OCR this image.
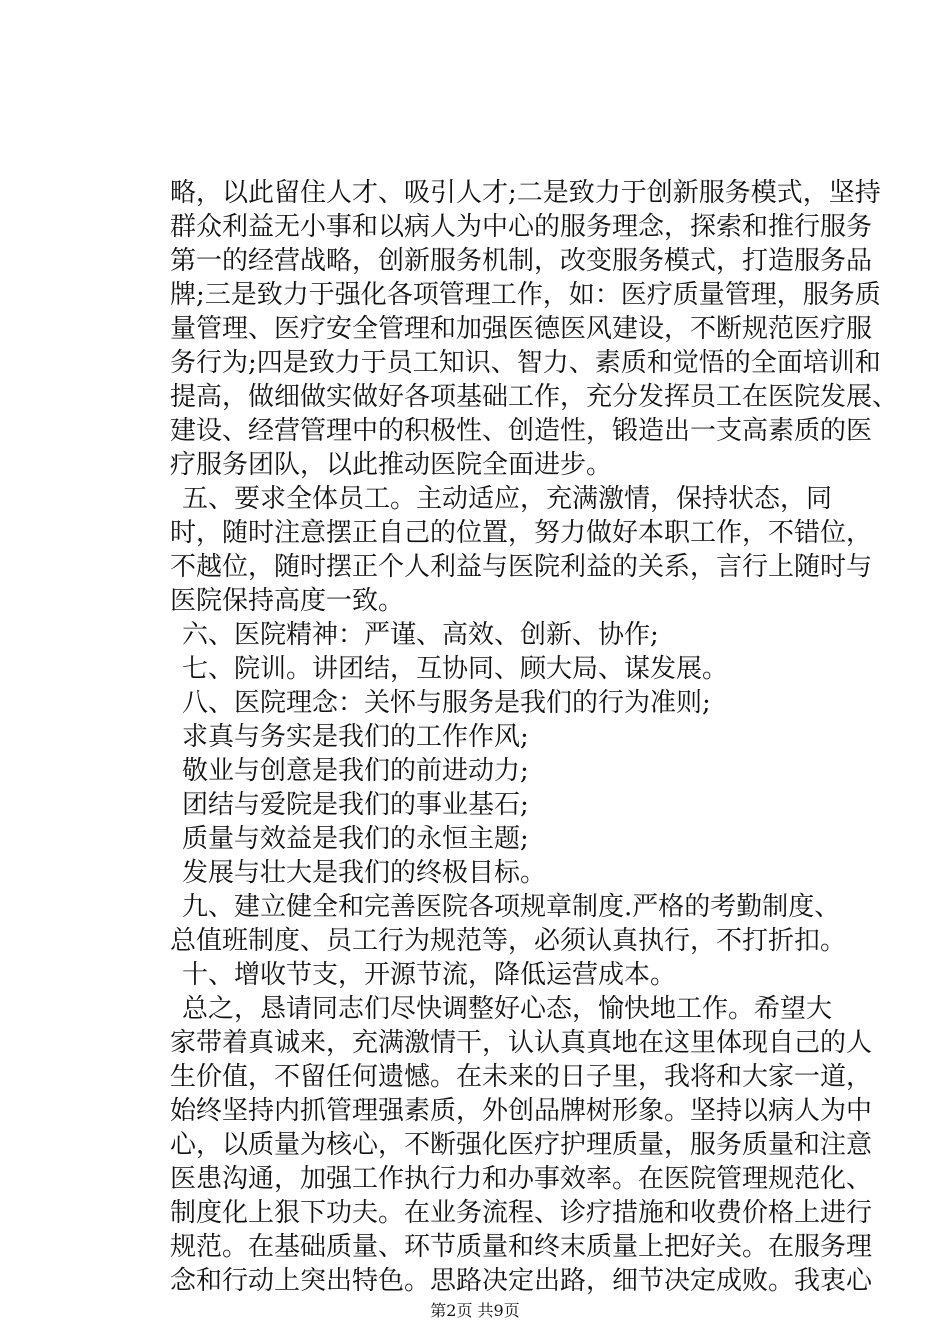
略，以此留住人才、吸引人才;二是致力于创新服务模式，坚持
群众利益无小事和以病人为中心的服务理念，探索和推行服务
第一的经营战略，创新服务机制，改变服务模式，打造服务品
牌;三是致力于强化各项管理工作，如：医疗质量管理，服务质
量管理、医疗安全管理和加强医德医风建设，不断规范医疗服
务行为;四是致力于员工知识、智力、素质和觉悟的全面培训和
提高，做细做实做好各项基础工作，充分发挥员工在医院发展、
建设、经营管理中的积极性、创造性，锻造出一支高素质的医
疗服务团队，以此推动医院全面进步。
五、要求全体员工。主动适应，充满激情，保持状态，同
时，随时注意摆正自己的位置，努力做好本职工作，不错位，
不越位，随时摆正个人利益与医院利益的关系，言行上随时与
医院保持高度一致。
六、医院精神：严谨、高效、创新、协作;
七、院训。讲团结，互协同、顾大局、谋发展。
八、医院理念：关怀与服务是我们的行为准则;
求真与务实是我们的工作作风;
敬业与创意是我们的前进动力;
团结与爱院是我们的事业基石;
质量与效益是我们的永恒主题;
发展与壮大是我们的终极目标。
九、建立健全和完善医院各项规章制度.严格的考勤制度、
总值班制度、员工行为规范等，必须认真执行，不打折扣。
十、增收节支，开源节流，降低运营成本。
总之，恳请同志们尽快调整好心态，愉快地工作。希望大
家带着真诚来，充满激情干，认认真真地在这里体现自己的人
生价值，不留任何遗憾。在未来的日子里，我将和大家一道，
始终坚持内抓管理强素质，外创品牌树形象。坚持以病人为中
心，以质量为核心，不断强化医疗护理质量，服务质量和注意
医患沟通，加强工作执行力和办事效率。在医院管理规范化、
制度化上狠下功夫。在业务流程、诊疗措施和收费价格上进行
规范。在基础质量、环节质量和终末质量上把好关。在服务理
念和行动上突出特色。思路决定出路，细节决定成败。我衷心
第2页 共9页
